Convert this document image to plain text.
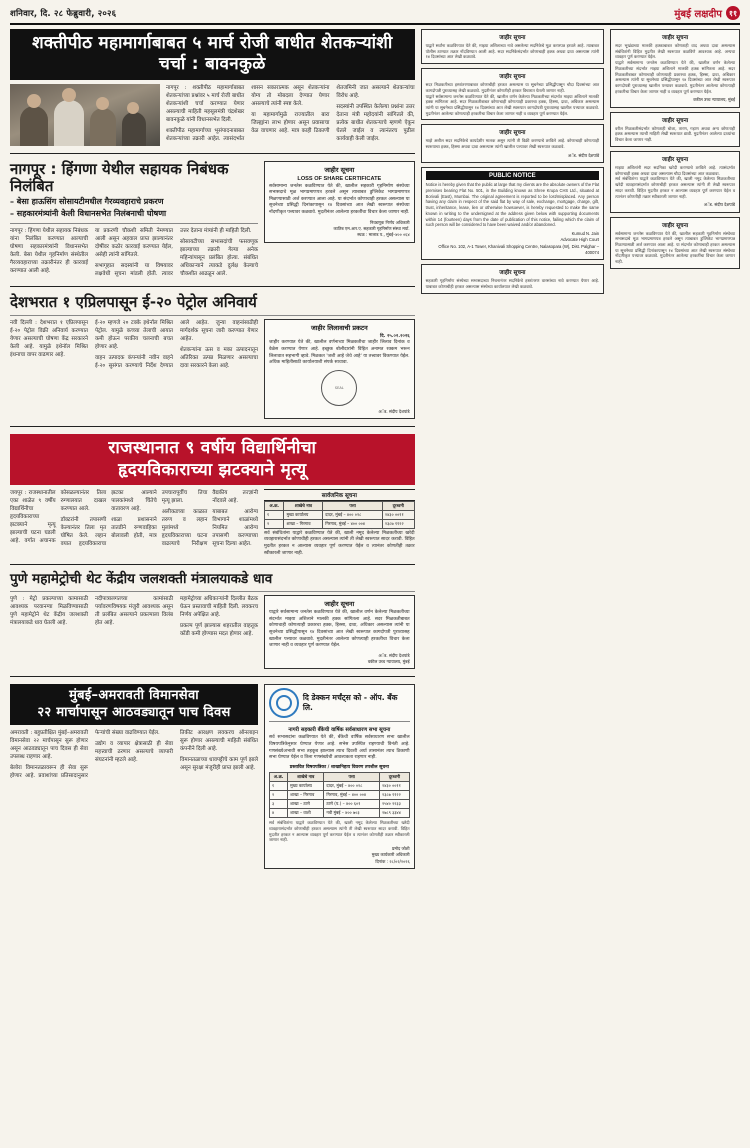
शनिवार, दि. २८ फेब्रुवारी, २०२६	मुंबई लक्षदीप ११
शक्तीपीठ महामार्गाबाबत ५ मार्च रोजी बाधीत शेतकऱ्यांशी चर्चा : बावनकुळे

नागपूर : शक्तीपीठ महामार्गाबाबत शेतकऱ्यांच्या प्रश्नांवर ५ मार्च रोजी बाधीत शेतकऱ्यांशी चर्चा करण्यात येणार असल्याची माहिती महसूलमंत्री चंद्रशेखर बावनकुळे यांनी विधानसभेत दिली.

शक्तीपीठ महामार्गाच्या भूसंपादनाबाबत शेतकऱ्यांच्या तक्रारी आहेत. त्यासंदर्भात शासन सकारात्मक असून शेतकऱ्यांना योग्य तो मोबदला देण्यात येणार असल्याचे त्यांनी स्पष्ट केले.

या महामार्गामुळे राज्यातील बारा जिल्ह्यांना लाभ होणार असून प्रवासाचा वेळ वाचणार आहे. मात्र काही ठिकाणी शेतजमिनी जात असल्याने शेतकऱ्यांचा विरोध आहे.

सदस्यांनी उपस्थित केलेल्या प्रश्नांना उत्तर देताना मंत्री महोदयांनी सांगितले की, प्रत्येक बाधीत शेतकऱ्याचे म्हणणे ऐकून घेतले जाईल व त्यानंतरच पुढील कार्यवाही केली जाईल.

नागपूर : हिंगणा येथील सहायक निबंधक निलंबित
– बेसा हाऊसिंग सोसायटीमधील गैरव्यवहाराचे प्रकरण
– सहकारमंत्र्यांनी केली विधानसभेत निलंबनाची घोषणा

नागपूर : हिंगणा येथील सहायक निबंधक यांना निलंबित करण्यात आल्याची घोषणा सहकारमंत्र्यांनी विधानसभेत केली. बेसा येथील गृहनिर्माण संस्थेतील गैरव्यवहाराच्या तक्रारीनंतर ही कारवाई करण्यात आली आहे.

या प्रकरणी चौकशी समिती नेमण्यात आली असून अहवाल प्राप्त झाल्यानंतर दोषींवर कठोर कारवाई करण्यात येईल, असेही त्यांनी सांगितले.

सभागृहात सदस्यांनी या विषयावर लक्षवेधी सूचना मांडली होती. त्यावर उत्तर देताना मंत्र्यांनी ही माहिती दिली.

सोसायटीच्या सभासदांची फसवणूक झाल्याच्या तक्रारी गेल्या अनेक महिन्यांपासून प्रलंबित होत्या. संबंधित अधिकाऱ्याने त्याकडे दुर्लक्ष केल्याचे चौकशीत आढळून आले.

जाहीर सूचना
LOSS OF SHARE CERTIFICATE
सर्वसामान्य जनतेस कळविण्यात येते की, खालील सहकारी गृहनिर्माण संस्थेच्या सभासदाचे मूळ भागप्रमाणपत्र हरवले असून त्याबाबत डुप्लिकेट भागप्रमाणपत्र मिळण्यासाठी अर्ज करण्यात आला आहे. या संदर्भात कोणाचाही हरकत असल्यास या सूचनेच्या प्रसिद्धी दिनांकापासून १४ दिवसांच्या आत लेखी स्वरूपात संस्थेच्या नोंदणीकृत पत्त्यावर कळवावे. मुदतीनंतर आलेल्या हरकतींचा विचार केला जाणार नाही.
निवडणूक निर्णय अधिकारी
कातिब एम.आर.ए. सहकारी गृहनिर्माण संस्था मर्या.
स्थळ : मालाड प., मुंबई–४०० ०६४
देशभरात १ एप्रिलपासून ई-२० पेट्रोल अनिवार्य

नवी दिल्ली : देशभरात १ एप्रिलपासून ई-२० पेट्रोल विक्री अनिवार्य करण्यात येणार असल्याची घोषणा केंद्र सरकारने केली आहे. यामुळे इथेनॉल मिश्रित इंधनाचा वापर वाढणार आहे.

ई-२० म्हणजे २० टक्के इथेनॉल मिश्रित पेट्रोल. यामुळे कच्च्या तेलाची आयात कमी होऊन परकीय चलनाची बचत होणार आहे.

वाहन उत्पादक कंपन्यांनी नवीन वाहने ई-२० सुसंगत करण्याचे निर्देश देण्यात आले आहेत. जुन्या वाहनांसाठीही मार्गदर्शक सूचना जारी करण्यात येणार आहेत.

शेतकऱ्यांना ऊस व मका उत्पादनातून अतिरिक्त उत्पन्न मिळणार असल्याचा दावा सरकारने केला आहे.

जाहीर लिलावाची प्रकटन
दि. २५.०२.२०२६
जाहीर करण्यात येते की, खालील वर्णनाच्या मिळकतीचा जाहीर लिलाव दिनांक व वेळेस करण्यात येणार आहे. इच्छुक बोलीदारांनी विहित अनामत रक्कम भरून लिलावात सहभागी व्हावे. मिळकत 'जशी आहे जेथे आहे' या तत्त्वावर विकण्यात येईल. अधिक माहितीसाठी कार्यालयाशी संपर्क साधावा.
SEAL
अॅड. संदीप देशपांडे
राजस्थानात ९ वर्षीय विद्यार्थिनीचा
हृदयविकाराच्या झटक्याने मृत्यू

जयपूर : राजस्थानातील एका शाळेत ९ वर्षीय विद्यार्थिनीचा हृदयविकाराच्या झटक्याने मृत्यू झाल्याची घटना घडली आहे. वर्गात अचानक कोसळल्यानंतर तिला रुग्णालयात दाखल करण्यात आले.

डॉक्टरांनी तपासणी केल्यानंतर तिला मृत घोषित केले. लहान वयात हृदयविकाराचा झटका आल्याने पालकांमध्ये चिंतेचे वातावरण आहे.

शाळा प्रशासनाने तातडीने रुग्णवाहिका बोलावली होती, मात्र उपचारापूर्वीच तिचा मृत्यू झाला.

अलीकडच्या काळात तरुण व लहान मुलांमध्ये हृदयविकाराच्या घटना वाढल्याचे निरीक्षण वैद्यकीय तज्ज्ञांनी नोंदवले आहे.

याबाबत आरोग्य विभागाने शाळांमध्ये नियमित आरोग्य तपासणी करण्याच्या सूचना दिल्या आहेत.

सार्वजनिक सूचना
अ.क्र.	शाखेचे नाव	पत्ता	दूरध्वनी
१	मुख्य कार्यालय	दादर, मुंबई – ४०० ०२८	२४३० ००११
२	शाखा – गिरगाव	गिरगाव, मुंबई – ४०० ००४	२३८७ ११२२
सर्व संबंधितांना याद्वारे कळविण्यात येते की, खाली नमूद केलेल्या मिळकतीच्या खरेदी व्यवहारासंदर्भात कोणाचीही हरकत असल्यास त्यांनी ती लेखी स्वरूपात सादर करावी. विहित मुदतीत हरकत न आल्यास व्यवहार पूर्ण करण्यात येईल व त्यानंतर कोणतीही तक्रार स्वीकारली जाणार नाही.
पुणे महामेट्रोची थेट केंद्रीय जलशक्ती मंत्रालयाकडे धाव

पुणे : मेट्रो प्रकल्पाच्या कामासाठी आवश्यक परवानग्या मिळविण्यासाठी पुणे महामेट्रोने थेट केंद्रीय जलशक्ती मंत्रालयाकडे धाव घेतली आहे.

नदीपात्रालगतच्या कामांसाठी पर्यावरणविषयक मंजुरी आवश्यक असून ती प्रलंबित असल्याने प्रकल्पाला विलंब होत आहे.

महामेट्रोच्या अधिकाऱ्यांनी दिल्लीत बैठक घेऊन प्रस्तावाची माहिती दिली. लवकरच निर्णय अपेक्षित आहे.

प्रकल्प पूर्ण झाल्यास शहरातील वाहतूक कोंडी कमी होण्यास मदत होणार आहे.

जाहीर सूचना
याद्वारे सर्वसामान्य जनतेस कळविण्यात येते की, खालील वर्णन केलेल्या मिळकतीच्या संदर्भात माझ्या अशिलाने मालकी हक्क सांगितला आहे. सदर मिळकतीबाबत कोणाचाही कोणत्याही प्रकारचा हक्क, हिस्सा, दावा, अधिकार असल्यास त्यांनी या सूचनेच्या प्रसिद्धीपासून १४ दिवसांच्या आत लेखी स्वरूपात कागदोपत्री पुराव्यासह खालील पत्त्यावर कळवावे. मुदतीनंतर आलेल्या कोणत्याही हरकतीचा विचार केला जाणार नाही व व्यवहार पूर्ण करण्यात येईल.
अॅड. संदीप देशपांडे
वकील उच्च न्यायालय, मुंबई
मुंबई–अमरावती विमानसेवा
२२ मार्चापासून आठवड्यातून पाच दिवस

अमरावती : बहुप्रतीक्षित मुंबई–अमरावती विमानसेवा २२ मार्चपासून सुरू होणार असून आठवड्यातून पाच दिवस ही सेवा उपलब्ध राहणार आहे.

बेलोरा विमानतळावरून ही सेवा सुरू होणार आहे. प्रवाशांच्या प्रतिसादानुसार फेऱ्यांची संख्या वाढविण्यात येईल.

उद्योग व व्यापार क्षेत्रासाठी ही सेवा महत्त्वाची ठरणार असल्याचे व्यापारी संघटनांनी म्हटले आहे.

तिकीट आरक्षण लवकरच ऑनलाइन सुरू होणार असल्याची माहिती संबंधित कंपनीने दिली आहे.

विमानतळाच्या धावपट्टीचे काम पूर्ण झाले असून सुरक्षा मंजुरीही प्राप्त झाली आहे.

दि डेक्कन मर्चंट्स को - ऑप. बँक लि.
नागरी सहकारी बँकेची वार्षिक सर्वसाधारण सभा सूचना
सर्व सभासदांना कळविण्यात येते की, बँकेची वार्षिक सर्वसाधारण सभा खालील विषयपत्रिकेनुसार घेण्यात येणार आहे. सभेस उपस्थित राहण्याची विनंती आहे. गणसंख्येअभावी सभा तहकूब झाल्यास त्याच दिवशी अर्धा तासानंतर त्याच ठिकाणी सभा घेण्यात येईल व तिला गणसंख्येची आवश्यकता राहणार नाही.
प्रस्तावित विषयपत्रिका / शाखानिहाय विवरण तपशील सूचना
अ.क्र.	शाखेचे नाव	पत्ता	दूरध्वनी
१	मुख्य कार्यालय	दादर, मुंबई – ४०० ०२८	२४३० ००११
२	शाखा – गिरगाव	गिरगाव, मुंबई – ४०० ००४	२३८७ ११२२
३	शाखा – ठाणे	ठाणे (प.) – ४०० ६०१	२५४० २२३३
४	शाखा – वाशी	नवी मुंबई – ४०० ७०३	२७८९ ३३४४
सर्व संबंधितांना याद्वारे कळविण्यात येते की, खाली नमूद केलेल्या मिळकतीच्या खरेदी व्यवहारासंदर्भात कोणाचीही हरकत असल्यास त्यांनी ती लेखी स्वरूपात सादर करावी. विहित मुदतीत हरकत न आल्यास व्यवहार पूर्ण करण्यात येईल व त्यानंतर कोणतीही तक्रार स्वीकारली जाणार नाही.
प्रमोद जोशी
मुख्य कार्यकारी अधिकारी
दिनांक : २८/०२/२०२६
जाहीर सूचना
याद्वारे सर्वांना कळविण्यात येते की, माझ्या अशिलाच्या नावे असलेल्या सदनिकेचे मूळ करारपत्र हरवले आहे. त्याबाबत पोलीस ठाण्यात तक्रार नोंदविण्यात आली आहे. सदर सदनिकेसंदर्भात कोणाचाही हक्क अथवा दावा असल्यास त्यांनी १४ दिवसांच्या आत लेखी कळवावे.
जाहीर सूचना
सदर मिळकतीच्या हस्तांतरणाबाबत कोणाचीही हरकत असल्यास या सूचनेच्या प्रसिद्धीपासून चौदा दिवसांच्या आत कागदोपत्री पुराव्यासह लेखी कळवावे. मुदतीनंतर कोणतीही हरकत विचारात घेतली जाणार नाही.
याद्वारे सर्वसामान्य जनतेस कळविण्यात येते की, खालील वर्णन केलेल्या मिळकतीच्या संदर्भात माझ्या अशिलाने मालकी हक्क सांगितला आहे. सदर मिळकतीबाबत कोणाचाही कोणत्याही प्रकारचा हक्क, हिस्सा, दावा, अधिकार असल्यास त्यांनी या सूचनेच्या प्रसिद्धीपासून १४ दिवसांच्या आत लेखी स्वरूपात कागदोपत्री पुराव्यासह खालील पत्त्यावर कळवावे. मुदतीनंतर आलेल्या कोणत्याही हरकतीचा विचार केला जाणार नाही व व्यवहार पूर्ण करण्यात येईल.
जाहीर सूचना
माझे अशील सदर सदनिकेचे कायदेशीर मालक असून त्यांनी ती विक्री करण्याचे ठरविले आहे. कोणाचाही कोणत्याही स्वरूपाचा हक्क, हिस्सा अथवा दावा असल्यास त्यांनी खालील पत्त्यावर लेखी स्वरूपात कळवावे.
अॅड. संदीप देशपांडे
PUBLIC NOTICE
Notice is hereby given that the public at large that my clients are the absolute owners of the Flat premises bearing Flat No. 501, in the Building known as Shree Krupa CHS Ltd., situated at Borivali (East), Mumbai. The original agreement is reported to be lost/misplaced. Any person having any claim in respect of the said flat by way of sale, exchange, mortgage, charge, gift, trust, inheritance, lease, lien or otherwise howsoever, is hereby requested to make the same known in writing to the undersigned at the address given below with supporting documents within 14 (fourteen) days from the date of publication of this notice, failing which the claim of such person will be considered to have been waived and/or abandoned.
Kumud N. Jain
Advocate High Court
Office No. 102, A-1 Tower, Khanivali Shopping Centre, Nalasopara (W), Dist. Palghar – 400074
जाहीर सूचना
सहकारी गृहनिर्माण संस्थेच्या सभासदाच्या निधनानंतर सदनिकेचे हस्तांतरण वारसांच्या नावे करण्यात येणार आहे. याबाबत कोणाचीही हरकत असल्यास संस्थेच्या कार्यालयात लेखी कळवावे.
जाहीर सूचना
सदर भूखंडाच्या मालकी हक्काबाबत कोणताही वाद अथवा दावा असल्यास संबंधितांनी विहित मुदतीत लेखी स्वरूपात कळविणे आवश्यक आहे. अन्यथा व्यवहार पूर्ण करण्यात येईल.
याद्वारे सर्वसामान्य जनतेस कळविण्यात येते की, खालील वर्णन केलेल्या मिळकतीच्या संदर्भात माझ्या अशिलाने मालकी हक्क सांगितला आहे. सदर मिळकतीबाबत कोणाचाही कोणत्याही प्रकारचा हक्क, हिस्सा, दावा, अधिकार असल्यास त्यांनी या सूचनेच्या प्रसिद्धीपासून १४ दिवसांच्या आत लेखी स्वरूपात कागदोपत्री पुराव्यासह खालील पत्त्यावर कळवावे. मुदतीनंतर आलेल्या कोणत्याही हरकतीचा विचार केला जाणार नाही व व्यवहार पूर्ण करण्यात येईल.
वकील उच्च न्यायालय, मुंबई
जाहीर सूचना
वरील मिळकतीसंदर्भात कोणताही बोजा, तारण, गहाण अथवा अन्य कोणताही हक्क असल्यास त्याची माहिती लेखी स्वरूपात द्यावी. मुदतीनंतर आलेल्या दाव्यांचा विचार केला जाणार नाही.
जाहीर सूचना
माझ्या अशिलांनी सदर सदनिका खरेदी करण्याचे ठरविले आहे. त्यासंदर्भात कोणाचाही हक्क अथवा दावा असल्यास चौदा दिवसांच्या आत कळवावा.
सर्व संबंधितांना याद्वारे कळविण्यात येते की, खाली नमूद केलेल्या मिळकतीच्या खरेदी व्यवहारासंदर्भात कोणाचीही हरकत असल्यास त्यांनी ती लेखी स्वरूपात सादर करावी. विहित मुदतीत हरकत न आल्यास व्यवहार पूर्ण करण्यात येईल व त्यानंतर कोणतीही तक्रार स्वीकारली जाणार नाही.
अॅड. संदीप देशपांडे
जाहीर सूचना
सर्वसामान्य जनतेस कळविण्यात येते की, खालील सहकारी गृहनिर्माण संस्थेच्या सभासदाचे मूळ भागप्रमाणपत्र हरवले असून त्याबाबत डुप्लिकेट भागप्रमाणपत्र मिळण्यासाठी अर्ज करण्यात आला आहे. या संदर्भात कोणाचाही हरकत असल्यास या सूचनेच्या प्रसिद्धी दिनांकापासून १४ दिवसांच्या आत लेखी स्वरूपात संस्थेच्या नोंदणीकृत पत्त्यावर कळवावे. मुदतीनंतर आलेल्या हरकतींचा विचार केला जाणार नाही.
